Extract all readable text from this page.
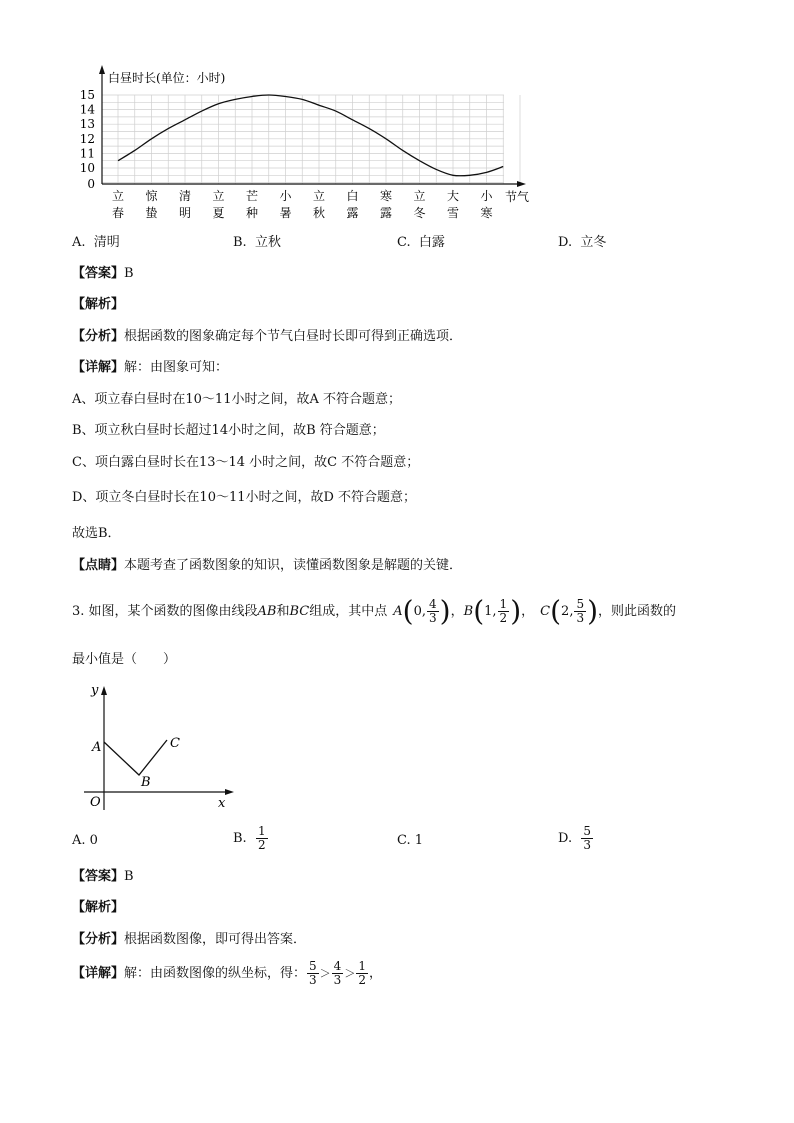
白昼时长(单位：小时)
节气
15
14
13
12
11
10
0
立
春
惊
蛰
清
明
立
夏
芒
种
小
暑
立
秋
白
露
寒
露
立
冬
大
雪
小
寒
A. 清明	B. 立秋	C. 白露	D. 立冬
【答案】B
【解析】
【分析】根据函数的图象确定每个节气白昼时长即可得到正确选项．
【详解】解：由图象可知：
A、项立春白昼时在10～11小时之间，故A 不符合题意；
B、项立秋白昼时长超过14小时之间，故B 符合题意；
C、项白露白昼时长在13～14 小时之间，故C 不符合题意；
D、项立冬白昼时长在10～11小时之间，故D 不符合题意；
故选B．
【点睛】本题考查了函数图象的知识，读懂函数图象是解题的关键．
3. 如图，某个函数的图像由线段 AB 和 BC 组成，其中点 A(0, $\frac{4}{3}$ )， B(1, $\frac{1}{2}$ )， C(2, $\frac{5}{3}$ ) ，则此函数的
最小值是（　　）
y
x
O
A
B
C
A. 0	B.
$\frac{1}{2}$	C. 1	D.
$\frac{5}{3}$
【答案】B
【解析】
【分析】根据函数图像，即可得出答案．
【详解】 解：由函数图像的纵坐标，得： $\frac{5}{3} > \frac{4}{3} > \frac{1}{2}$ ，
